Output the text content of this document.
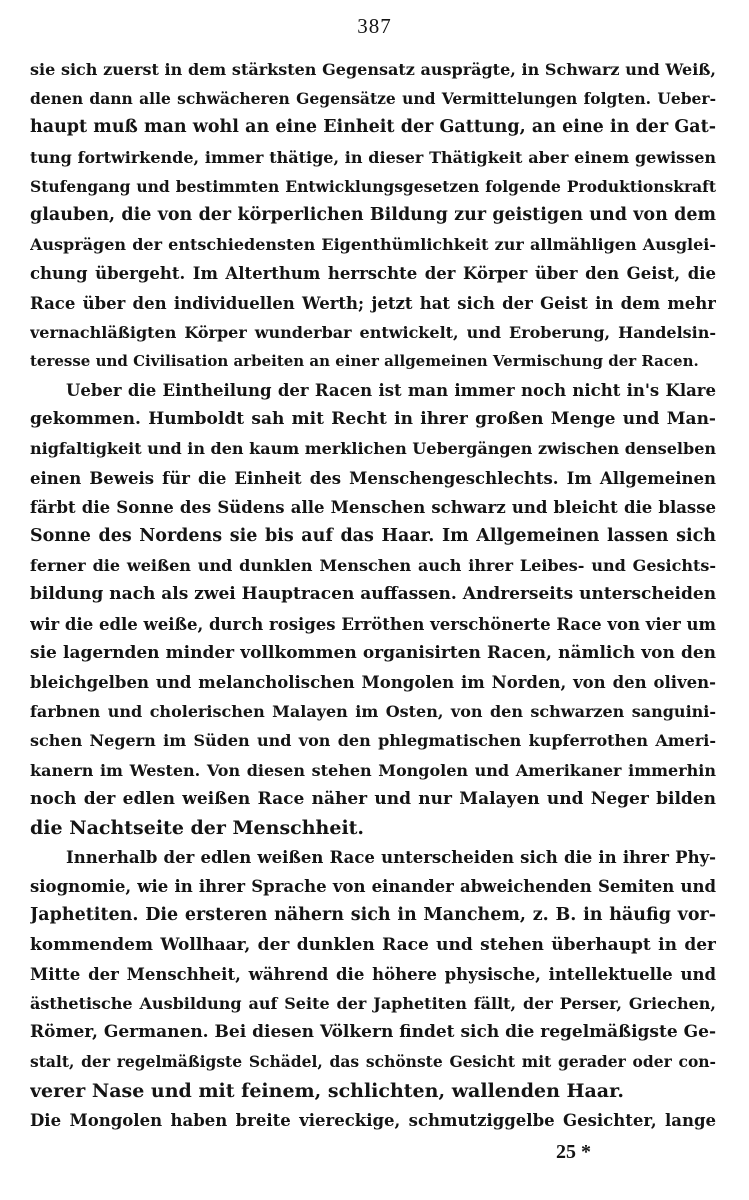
387
sie sich zuerst in dem stärksten Gegensatz ausprägte, in Schwarz und Weiß,
denen dann alle schwächeren Gegensätze und Vermittelungen folgten. Ueber-
haupt muß man wohl an eine Einheit der Gattung, an eine in der Gat-
tung fortwirkende, immer thätige, in dieser Thätigkeit aber einem gewissen
Stufengang und bestimmten Entwicklungsgesetzen folgende Produktionskraft
glauben, die von der körperlichen Bildung zur geistigen und von dem
Ausprägen der entschiedensten Eigenthümlichkeit zur allmähligen Ausglei-
chung übergeht. Im Alterthum herrschte der Körper über den Geist, die
Race über den individuellen Werth; jetzt hat sich der Geist in dem mehr
vernachläßigten Körper wunderbar entwickelt, und Eroberung, Handelsin-
teresse und Civilisation arbeiten an einer allgemeinen Vermischung der Racen.
Ueber die Eintheilung der Racen ist man immer noch nicht in's Klare
gekommen. Humboldt sah mit Recht in ihrer großen Menge und Man-
nigfaltigkeit und in den kaum merklichen Uebergängen zwischen denselben
einen Beweis für die Einheit des Menschengeschlechts. Im Allgemeinen
färbt die Sonne des Südens alle Menschen schwarz und bleicht die blasse
Sonne des Nordens sie bis auf das Haar. Im Allgemeinen lassen sich
ferner die weißen und dunklen Menschen auch ihrer Leibes- und Gesichts-
bildung nach als zwei Hauptracen auffassen. Andrerseits unterscheiden
wir die edle weiße, durch rosiges Erröthen verschönerte Race von vier um
sie lagernden minder vollkommen organisirten Racen, nämlich von den
bleichgelben und melancholischen Mongolen im Norden, von den oliven-
farbnen und cholerischen Malayen im Osten, von den schwarzen sanguini-
schen Negern im Süden und von den phlegmatischen kupferrothen Ameri-
kanern im Westen. Von diesen stehen Mongolen und Amerikaner immerhin
noch der edlen weißen Race näher und nur Malayen und Neger bilden
die Nachtseite der Menschheit.
Innerhalb der edlen weißen Race unterscheiden sich die in ihrer Phy-
siognomie, wie in ihrer Sprache von einander abweichenden Semiten und
Japhetiten. Die ersteren nähern sich in Manchem, z. B. in häufig vor-
kommendem Wollhaar, der dunklen Race und stehen überhaupt in der
Mitte der Menschheit, während die höhere physische, intellektuelle und
ästhetische Ausbildung auf Seite der Japhetiten fällt, der Perser, Griechen,
Römer, Germanen. Bei diesen Völkern findet sich die regelmäßigste Ge-
stalt, der regelmäßigste Schädel, das schönste Gesicht mit gerader oder con-
verer Nase und mit feinem, schlichten, wallenden Haar.
Die Mongolen haben breite viereckige, schmutziggelbe Gesichter, lange
25 *
